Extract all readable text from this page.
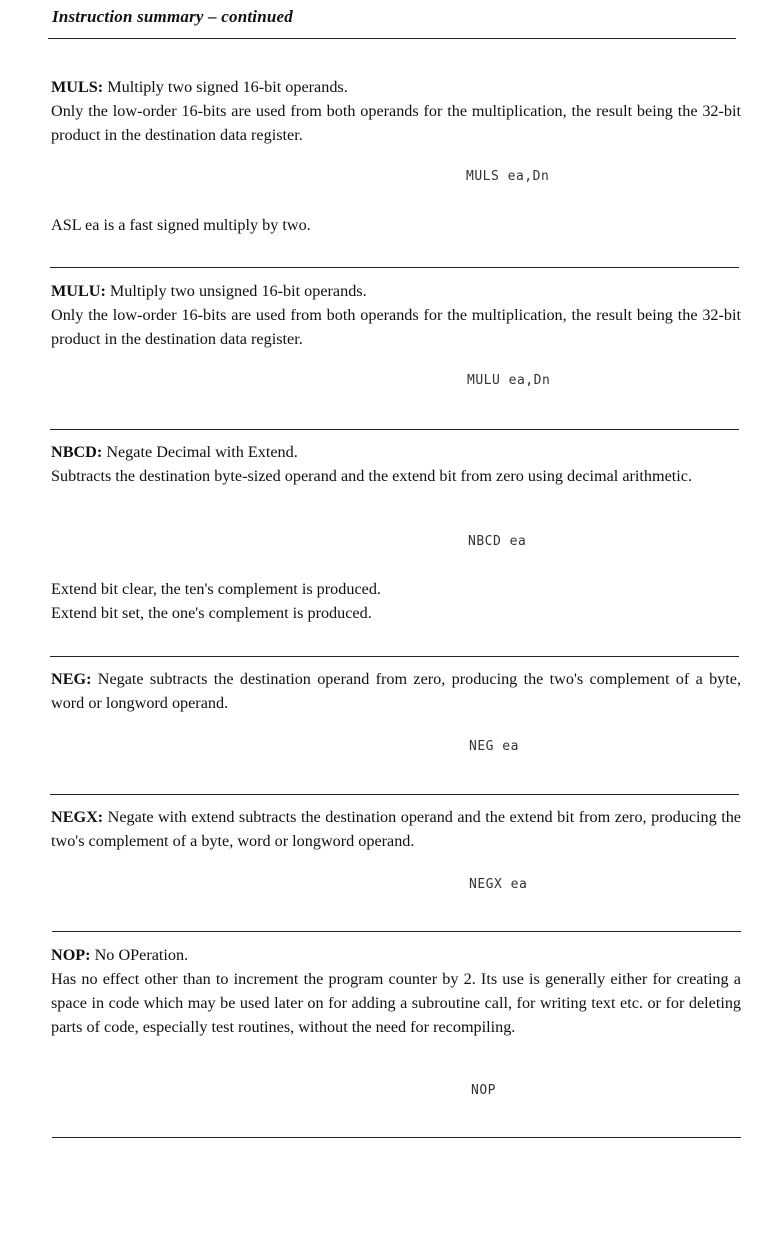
Instruction summary – continued

MULS: Multiply two signed 16-bit operands.

Only the low-order 16-bits are used from both operands for the multiplication, the result being the 32-bit product in the destination data register.

MULS ea,Dn

ASL ea is a fast signed multiply by two.

MULU: Multiply two unsigned 16-bit operands.

Only the low-order 16-bits are used from both operands for the multiplication, the result being the 32-bit product in the destination data register.

MULU ea,Dn

NBCD: Negate Decimal with Extend.

Subtracts the destination byte-sized operand and the extend bit from zero using decimal arithmetic.

NBCD ea

Extend bit clear, the ten's complement is produced.

Extend bit set, the one's complement is produced.

NEG: Negate subtracts the destination operand from zero, producing the two's complement of a byte, word or longword operand.

NEG ea

NEGX: Negate with extend subtracts the destination operand and the extend bit from zero, producing the two's complement of a byte, word or longword operand.

NEGX ea

NOP: No OPeration.

Has no effect other than to increment the program counter by 2. Its use is generally either for creating a space in code which may be used later on for adding a subroutine call, for writing text etc. or for deleting parts of code, especially test routines, without the need for recompiling.

NOP
